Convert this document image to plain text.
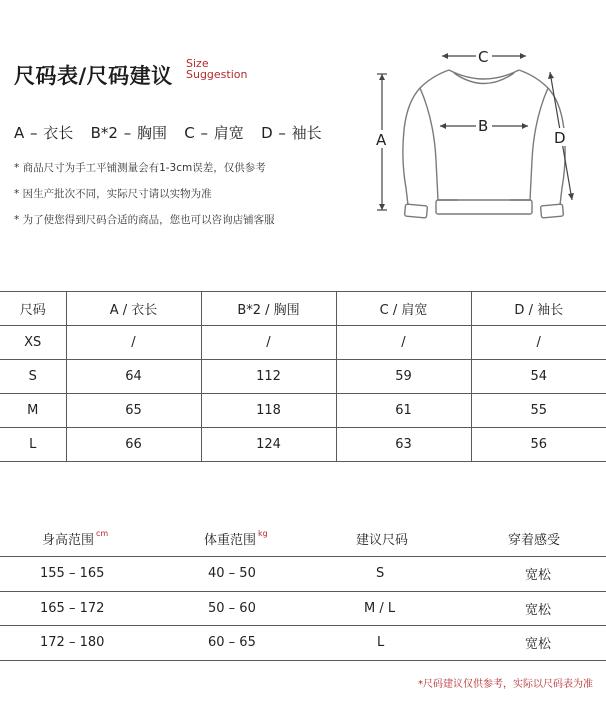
尺码表/尺码建议
Size
Suggestion
A – 衣长   B*2 – 胸围   C – 肩宽   D – 袖长
* 商品尺寸为手工平铺测量会有1-3cm误差，仅供参考
* 因生产批次不同，实际尺寸请以实物为准
* 为了使您得到尺码合适的商品，您也可以咨询店铺客服
A
B
C
D
尺码	A / 衣长	B*2 / 胸围	C / 肩宽	D / 袖长
XS	/	/	/	/
S	64	112	59	54
M	65	118	61	55
L	66	124	63	56
身高范围 $^{cm}$	体重范围 $^{kg}$	建议尺码	穿着感受
155 – 165	40 – 50	S	宽松
165 – 172	50 – 60	M / L	宽松
172 – 180	60 – 65	L	宽松
*尺码建议仅供参考，实际以尺码表为准
